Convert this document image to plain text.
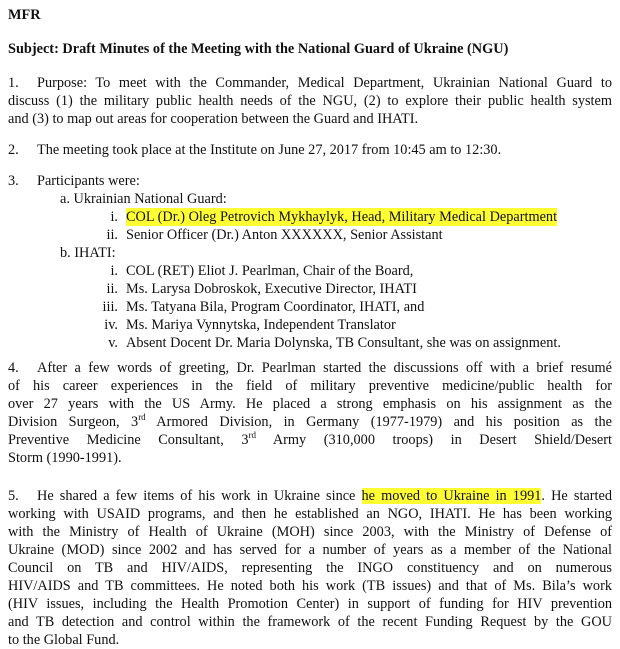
MFR
Subject: Draft Minutes of the Meeting with the National Guard of Ukraine (NGU)
1. Purpose: To meet with the Commander, Medical Department, Ukrainian National Guard to
discuss (1) the military public health needs of the NGU, (2) to explore their public health system
and (3) to map out areas for cooperation between the Guard and IHATI.
2. The meeting took place at the Institute on June 27, 2017 from 10:45 am to 12:30.
3. Participants were:
a. Ukrainian National Guard:
i. COL (Dr.) Oleg Petrovich Mykhaylyk, Head, Military Medical Department
ii. Senior Officer (Dr.) Anton XXXXXX, Senior Assistant
b. IHATI:
i. COL (RET) Eliot J. Pearlman, Chair of the Board,
ii. Ms. Larysa Dobroskok, Executive Director, IHATI
iii. Ms. Tatyana Bila, Program Coordinator, IHATI, and
iv. Ms. Mariya Vynnytska, Independent Translator
v. Absent Docent Dr. Maria Dolynska, TB Consultant, she was on assignment.
4. After a few words of greeting, Dr. Pearlman started the discussions off with a brief resumé
of his career experiences in the field of military preventive medicine/public health for
over 27 years with the US Army. He placed a strong emphasis on his assignment as the
Division Surgeon, 3rd Armored Division, in Germany (1977-1979) and his position as the
Preventive Medicine Consultant, 3rd Army (310,000 troops) in Desert Shield/Desert
Storm (1990-1991).
5. He shared a few items of his work in Ukraine since he moved to Ukraine in 1991. He started
working with USAID programs, and then he established an NGO, IHATI. He has been working
with the Ministry of Health of Ukraine (MOH) since 2003, with the Ministry of Defense of
Ukraine (MOD) since 2002 and has served for a number of years as a member of the National
Council on TB and HIV/AIDS, representing the INGO constituency and on numerous
HIV/AIDS and TB committees. He noted both his work (TB issues) and that of Ms. Bila’s work
(HIV issues, including the Health Promotion Center) in support of funding for HIV prevention
and TB detection and control within the framework of the recent Funding Request by the GOU
to the Global Fund.
